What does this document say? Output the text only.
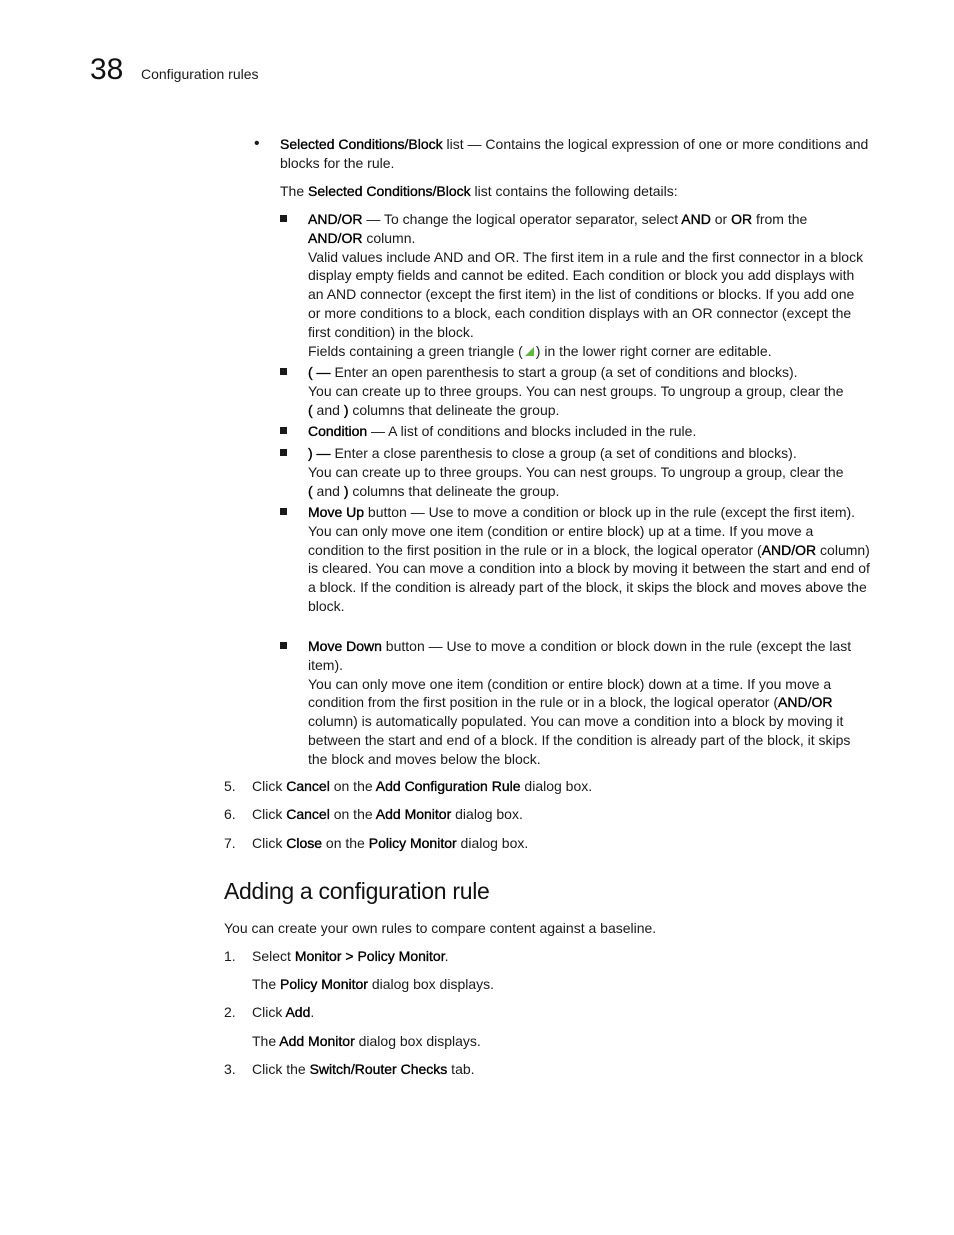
38 Configuration rules
• Selected Conditions/Block list — Contains the logical expression of one or more conditions and blocks for the rule.

The Selected Conditions/Block list contains the following details:

AND/OR — To change the logical operator separator, select AND or OR from the
AND/OR column.

Valid values include AND and OR. The first item in a rule and the first connector in a block display empty fields and cannot be edited. Each condition or block you add displays with an AND connector (except the first item) in the list of conditions or blocks. If you add one or more conditions to a block, each condition displays with an OR connector (except the first condition) in the block.

Fields containing a green triangle ( ) in the lower right corner are editable.

( — Enter an open parenthesis to start a group (a set of conditions and blocks).

You can create up to three groups. You can nest groups. To ungroup a group, clear the

( and ) columns that delineate the group.

Condition — A list of conditions and blocks included in the rule.

) — Enter a close parenthesis to close a group (a set of conditions and blocks).

You can create up to three groups. You can nest groups. To ungroup a group, clear the

( and ) columns that delineate the group.

Move Up button — Use to move a condition or block up in the rule (except the first item).

You can only move one item (condition or entire block) up at a time. If you move a condition to the first position in the rule or in a block, the logical operator (AND/OR column) is cleared. You can move a condition into a block by moving it between the start and end of a block. If the condition is already part of the block, it skips the block and moves above the block.

Move Down button — Use to move a condition or block down in the rule (except the last item).

You can only move one item (condition or entire block) down at a time. If you move a condition from the first position in the rule or in a block, the logical operator (AND/OR column) is automatically populated. You can move a condition into a block by moving it between the start and end of a block. If the condition is already part of the block, it skips the block and moves below the block.

5. Click Cancel on the Add Configuration Rule dialog box.
6. Click Cancel on the Add Monitor dialog box.
7. Click Close on the Policy Monitor dialog box.
Adding a configuration rule
You can create your own rules to compare content against a baseline.
1. Select Monitor > Policy Monitor.
The Policy Monitor dialog box displays.
2. Click Add.
The Add Monitor dialog box displays.
3. Click the Switch/Router Checks tab.
